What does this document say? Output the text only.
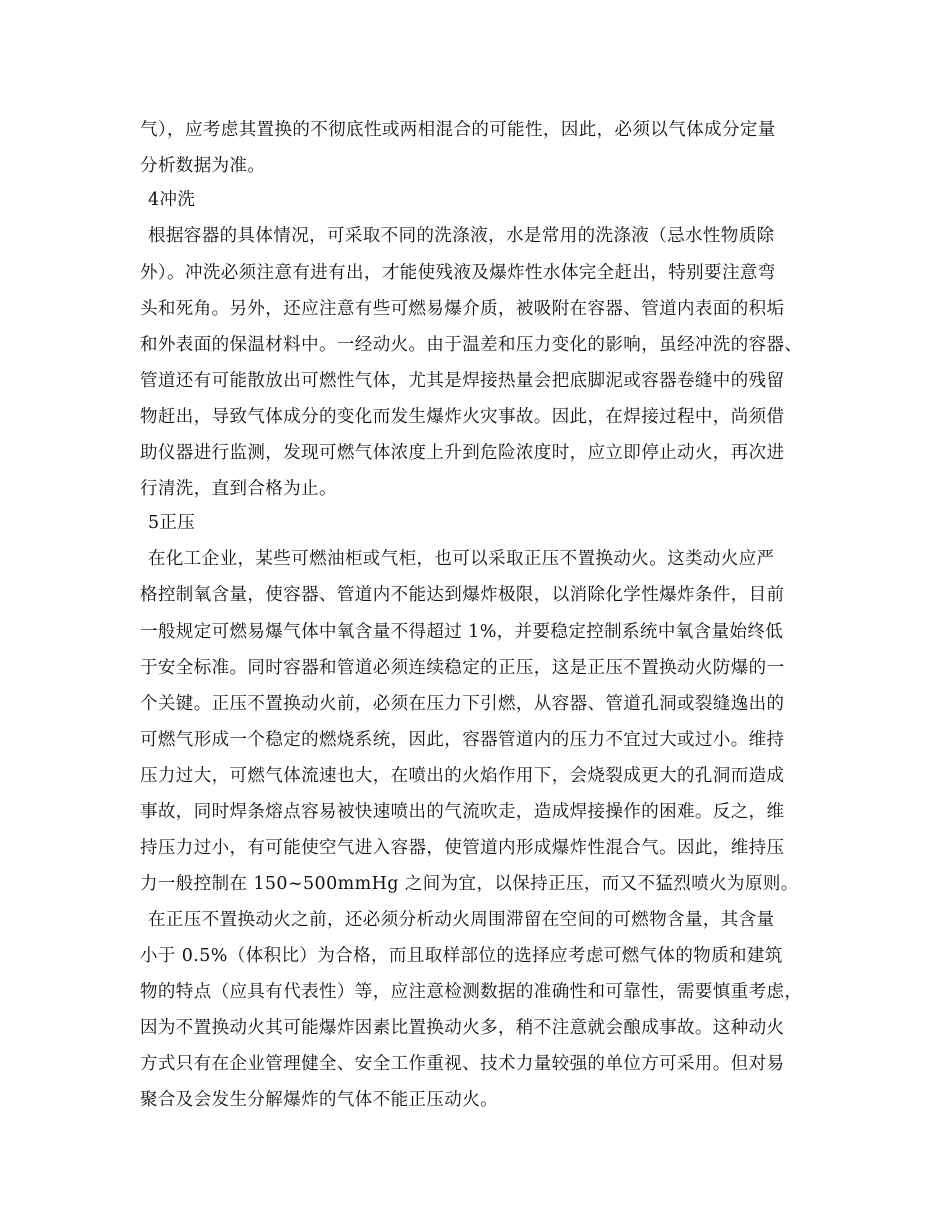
气），应考虑其置换的不彻底性或两相混合的可能性，因此，必须以气体成分定量
分析数据为准。
4冲洗
根据容器的具体情况，可采取不同的洗涤液，水是常用的洗涤液（忌水性物质除
外）。冲洗必须注意有进有出，才能使残液及爆炸性水体完全赶出，特别要注意弯
头和死角。另外，还应注意有些可燃易爆介质，被吸附在容器、管道内表面的积垢
和外表面的保温材料中。一经动火。由于温差和压力变化的影响，虽经冲洗的容器、
管道还有可能散放出可燃性气体，尤其是焊接热量会把底脚泥或容器卷缝中的残留
物赶出，导致气体成分的变化而发生爆炸火灾事故。因此，在焊接过程中，尚须借
助仪器进行监测，发现可燃气体浓度上升到危险浓度时，应立即停止动火，再次进
行清洗，直到合格为止。
5正压
在化工企业，某些可燃油柜或气柜，也可以采取正压不置换动火。这类动火应严
格控制氧含量，使容器、管道内不能达到爆炸极限，以消除化学性爆炸条件，目前
一般规定可燃易爆气体中氧含量不得超过 1%，并要稳定控制系统中氧含量始终低
于安全标准。同时容器和管道必须连续稳定的正压，这是正压不置换动火防爆的一
个关键。正压不置换动火前，必须在压力下引燃，从容器、管道孔洞或裂缝逸出的
可燃气形成一个稳定的燃烧系统，因此，容器管道内的压力不宜过大或过小。维持
压力过大，可燃气体流速也大，在喷出的火焰作用下，会烧裂成更大的孔洞而造成
事故，同时焊条熔点容易被快速喷出的气流吹走，造成焊接操作的困难。反之，维
持压力过小，有可能使空气进入容器，使管道内形成爆炸性混合气。因此，维持压
力一般控制在 150~500mmHg 之间为宜，以保持正压，而又不猛烈喷火为原则。
在正压不置换动火之前，还必须分析动火周围滞留在空间的可燃物含量，其含量
小于 0.5%（体积比）为合格，而且取样部位的选择应考虑可燃气体的物质和建筑
物的特点（应具有代表性）等，应注意检测数据的准确性和可靠性，需要慎重考虑，
因为不置换动火其可能爆炸因素比置换动火多，稍不注意就会酿成事故。这种动火
方式只有在企业管理健全、安全工作重视、技术力量较强的单位方可采用。但对易
聚合及会发生分解爆炸的气体不能正压动火。
